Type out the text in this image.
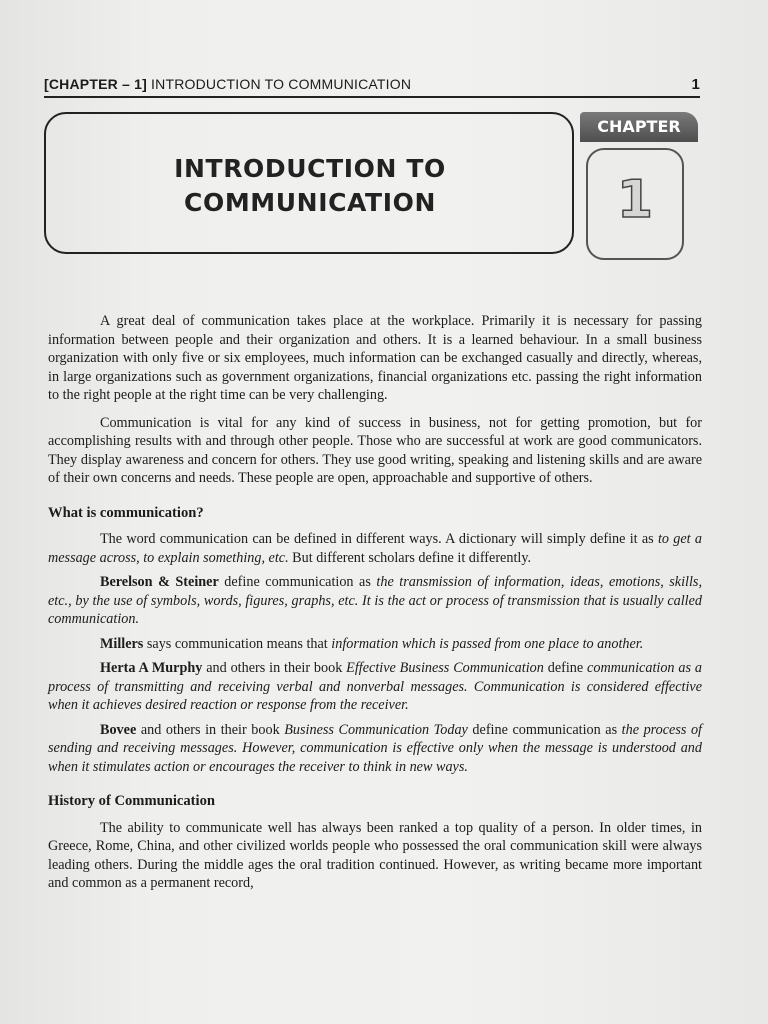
[CHAPTER – 1] INTRODUCTION TO COMMUNICATION	1
INTRODUCTION TO
COMMUNICATION
CHAPTER
1

A great deal of communication takes place at the workplace. Primarily it is necessary for passing information between people and their organization and others. It is a learned behaviour. In a small business organization with only five or six employees, much information can be exchanged casually and directly, whereas, in large organizations such as government organizations, financial organizations etc. passing the right information to the right people at the right time can be very challenging.

Communication is vital for any kind of success in business, not for getting promotion, but for accomplishing results with and through other people. Those who are successful at work are good communicators. They display awareness and concern for others. They use good writing, speaking and listening skills and are aware of their own concerns and needs. These people are open, approachable and supportive of others.

What is communication?

The word communication can be defined in different ways. A dictionary will simply define it as to get a message across, to explain something, etc. But different scholars define it differently.

Berelson & Steiner define communication as the transmission of information, ideas, emotions, skills, etc., by the use of symbols, words, figures, graphs, etc. It is the act or process of transmission that is usually called communication.

Millers says communication means that information which is passed from one place to another.

Herta A Murphy and others in their book Effective Business Communication define communication as a process of transmitting and receiving verbal and nonverbal messages. Communication is considered effective when it achieves desired reaction or response from the receiver.

Bovee and others in their book Business Communication Today define communication as the process of sending and receiving messages. However, communication is effective only when the message is understood and when it stimulates action or encourages the receiver to think in new ways.

History of Communication

The ability to communicate well has always been ranked a top quality of a person. In older times, in Greece, Rome, China, and other civilized worlds people who possessed the oral communication skill were always leading others. During the middle ages the oral tradition continued. However, as writing became more important and common as a permanent record,
